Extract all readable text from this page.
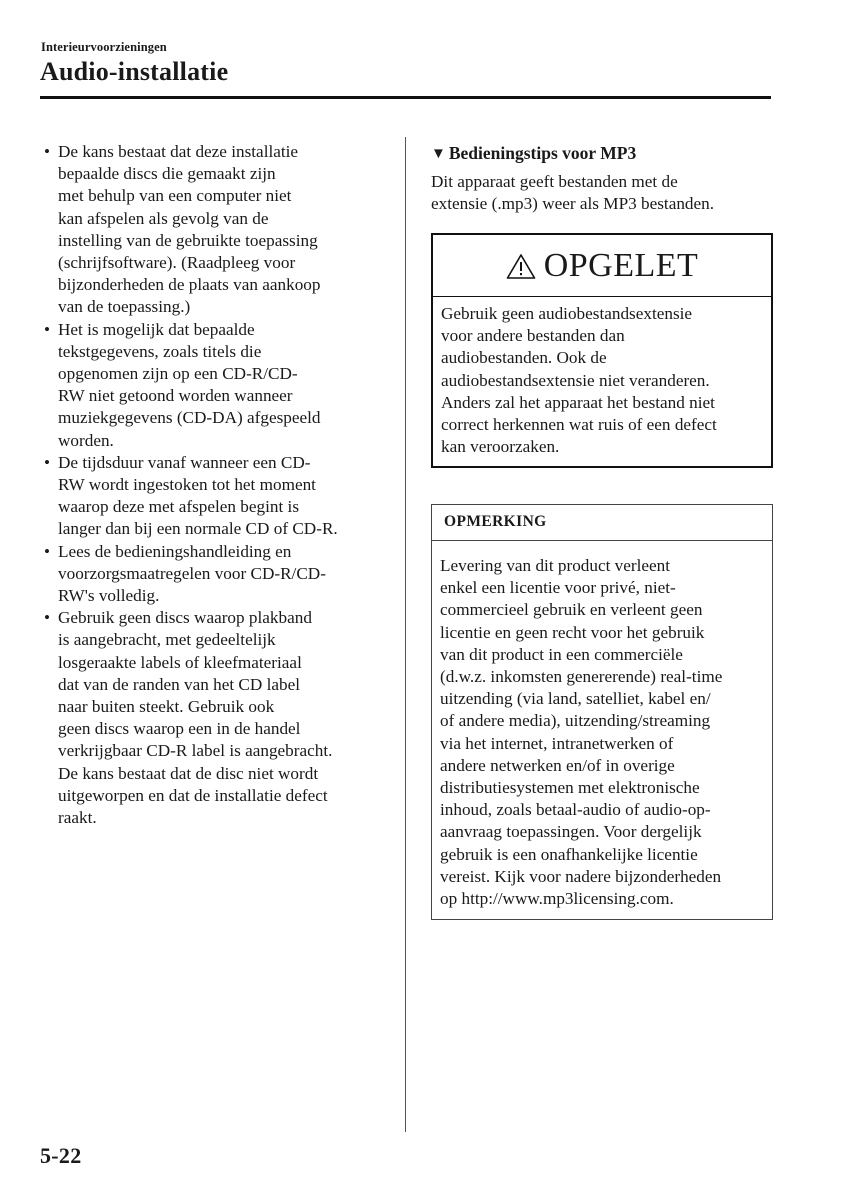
Interieurvoorzieningen
Audio-installatie
• De kans bestaat dat deze installatie
bepaalde discs die gemaakt zijn
met behulp van een computer niet
kan afspelen als gevolg van de
instelling van de gebruikte toepassing
(schrijfsoftware). (Raadpleeg voor
bijzonderheden de plaats van aankoop
van de toepassing.)
• Het is mogelijk dat bepaalde
tekstgegevens, zoals titels die
opgenomen zijn op een CD-R/CD-
RW niet getoond worden wanneer
muziekgegevens (CD-DA) afgespeeld
worden.
• De tijdsduur vanaf wanneer een CD-
RW wordt ingestoken tot het moment
waarop deze met afspelen begint is
langer dan bij een normale CD of CD-R.
• Lees de bedieningshandleiding en
voorzorgsmaatregelen voor CD-R/CD-
RW's volledig.
• Gebruik geen discs waarop plakband
is aangebracht, met gedeeltelijk
losgeraakte labels of kleefmateriaal
dat van de randen van het CD label
naar buiten steekt. Gebruik ook
geen discs waarop een in de handel
verkrijgbaar CD-R label is aangebracht.
De kans bestaat dat de disc niet wordt
uitgeworpen en dat de installatie defect
raakt.
▼ Bedieningstips voor MP3
Dit apparaat geeft bestanden met de
extensie (.mp3) weer als MP3 bestanden.
OPGELET
Gebruik geen audiobestandsextensie
voor andere bestanden dan
audiobestanden. Ook de
audiobestandsextensie niet veranderen.
Anders zal het apparaat het bestand niet
correct herkennen wat ruis of een defect
kan veroorzaken.
OPMERKING
Levering van dit product verleent
enkel een licentie voor privé, niet-
commercieel gebruik en verleent geen
licentie en geen recht voor het gebruik
van dit product in een commerciële
(d.w.z. inkomsten genererende) real-time
uitzending (via land, satelliet, kabel en/
of andere media), uitzending/streaming
via het internet, intranetwerken of
andere netwerken en/of in overige
distributiesystemen met elektronische
inhoud, zoals betaal-audio of audio-op-
aanvraag toepassingen. Voor dergelijk
gebruik is een onafhankelijke licentie
vereist. Kijk voor nadere bijzonderheden
op http://www.mp3licensing.com.
5-22
